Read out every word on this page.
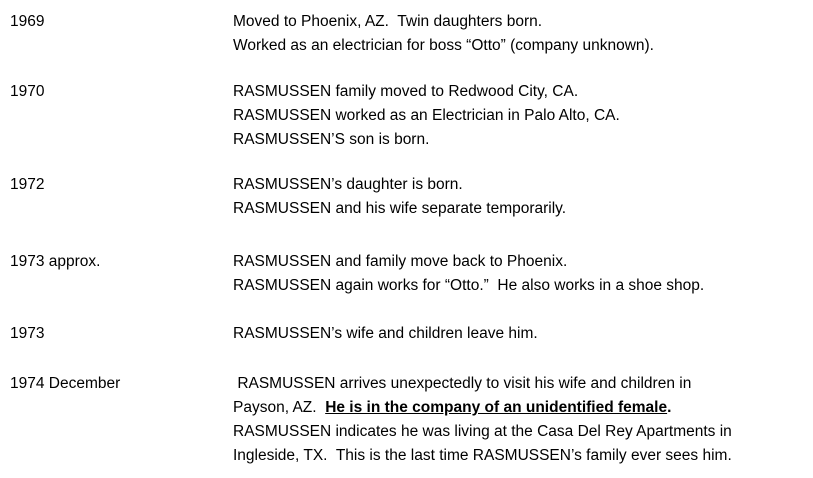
1969	Moved to Phoenix, AZ.  Twin daughters born.
Worked as an electrician for boss “Otto” (company unknown).
1970	RASMUSSEN family moved to Redwood City, CA.
RASMUSSEN worked as an Electrician in Palo Alto, CA.
RASMUSSEN’S son is born.
1972	RASMUSSEN’s daughter is born.
RASMUSSEN and his wife separate temporarily.
1973 approx.	RASMUSSEN and family move back to Phoenix.
RASMUSSEN again works for “Otto.”  He also works in a shoe shop.
1973	RASMUSSEN’s wife and children leave him.
1974 December	RASMUSSEN arrives unexpectedly to visit his wife and children in
Payson, AZ.  He is in the company of an unidentified female.
RASMUSSEN indicates he was living at the Casa Del Rey Apartments in
Ingleside, TX.  This is the last time RASMUSSEN’s family ever sees him.
